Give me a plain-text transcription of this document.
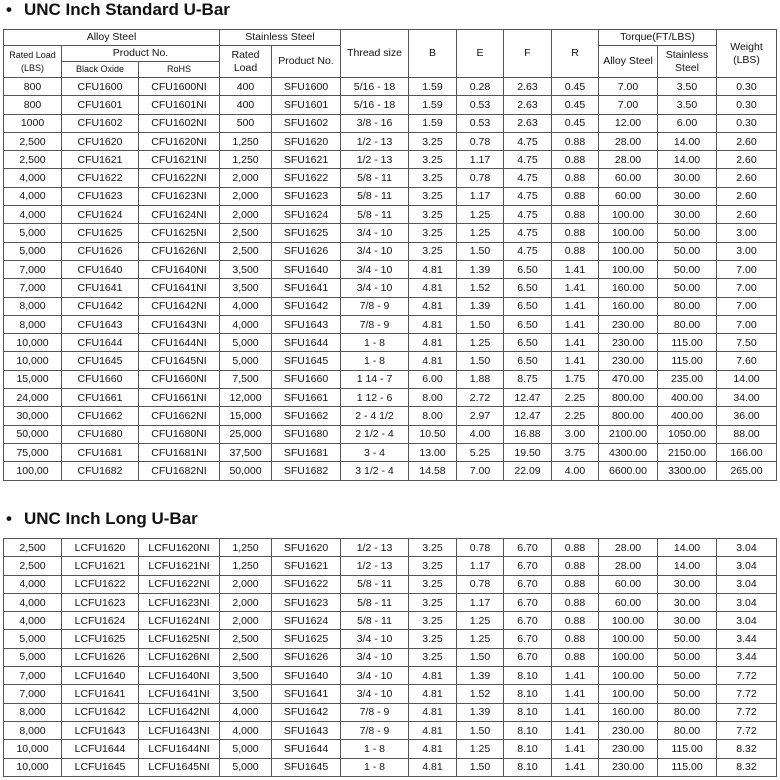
• UNC Inch Standard U-Bar
Alloy Steel			Stainless Steel		Thread size	B	E	F	R	Torque(FT/LBS)		Weight (LBS)
Rated Load (LBS)	Product No.		Rated Load	Product No.						Alloy Steel	Stainless Steel	
	Black Oxide	RoHS										
800	CFU1600	CFU1600NI	400	SFU1600	5/16 - 18	1.59	0.28	2.63	0.45	7.00	3.50	0.30
800	CFU1601	CFU1601NI	400	SFU1601	5/16 - 18	1.59	0.53	2.63	0.45	7.00	3.50	0.30
1000	CFU1602	CFU1602NI	500	SFU1602	3/8 - 16	1.59	0.53	2.63	0.45	12.00	6.00	0.30
2,500	CFU1620	CFU1620NI	1,250	SFU1620	1/2 - 13	3.25	0.78	4.75	0.88	28.00	14.00	2.60
2,500	CFU1621	CFU1621NI	1,250	SFU1621	1/2 - 13	3.25	1.17	4.75	0.88	28.00	14.00	2.60
4,000	CFU1622	CFU1622NI	2,000	SFU1622	5/8 - 11	3.25	0.78	4.75	0.88	60.00	30.00	2.60
4,000	CFU1623	CFU1623NI	2,000	SFU1623	5/8 - 11	3.25	1.17	4.75	0.88	60.00	30.00	2.60
4,000	CFU1624	CFU1624NI	2,000	SFU1624	5/8 - 11	3.25	1.25	4.75	0.88	100.00	30.00	2.60
5,000	CFU1625	CFU1625NI	2,500	SFU1625	3/4 - 10	3.25	1.25	4.75	0.88	100.00	50.00	3.00
5,000	CFU1626	CFU1626NI	2,500	SFU1626	3/4 - 10	3.25	1.50	4.75	0.88	100.00	50.00	3.00
7,000	CFU1640	CFU1640NI	3,500	SFU1640	3/4 - 10	4.81	1.39	6.50	1.41	100.00	50.00	7.00
7,000	CFU1641	CFU1641NI	3,500	SFU1641	3/4 - 10	4.81	1.52	6.50	1.41	160.00	50.00	7.00
8,000	CFU1642	CFU1642NI	4,000	SFU1642	7/8 - 9	4.81	1.39	6.50	1.41	160.00	80.00	7.00
8,000	CFU1643	CFU1643NI	4,000	SFU1643	7/8 - 9	4.81	1.50	6.50	1.41	230.00	80.00	7.00
10,000	CFU1644	CFU1644NI	5,000	SFU1644	1 - 8	4.81	1.25	6.50	1.41	230.00	115.00	7.50
10,000	CFU1645	CFU1645NI	5,000	SFU1645	1 - 8	4.81	1.50	6.50	1.41	230.00	115.00	7.60
15,000	CFU1660	CFU1660NI	7,500	SFU1660	1 14 - 7	6.00	1.88	8.75	1.75	470.00	235.00	14.00
24,000	CFU1661	CFU1661NI	12,000	SFU1661	1 12 - 6	8.00	2.72	12.47	2.25	800.00	400.00	34.00
30,000	CFU1662	CFU1662NI	15,000	SFU1662	2 - 4 1/2	8.00	2.97	12.47	2.25	800.00	400.00	36.00
50,000	CFU1680	CFU1680NI	25,000	SFU1680	2 1/2 - 4	10.50	4.00	16.88	3.00	2100.00	1050.00	88.00
75,000	CFU1681	CFU1681NI	37,500	SFU1681	3 - 4	13.00	5.25	19.50	3.75	4300.00	2150.00	166.00
100,00	CFU1682	CFU1682NI	50,000	SFU1682	3 1/2 - 4	14.58	7.00	22.09	4.00	6600.00	3300.00	265.00
• UNC Inch Long U-Bar
2,500	LCFU1620	LCFU1620NI	1,250	SFU1620	1/2 - 13	3.25	0.78	6.70	0.88	28.00	14.00	3.04
2,500	LCFU1621	LCFU1621NI	1,250	SFU1621	1/2 - 13	3.25	1.17	6.70	0.88	28.00	14.00	3.04
4,000	LCFU1622	LCFU1622NI	2,000	SFU1622	5/8 - 11	3.25	0.78	6.70	0.88	60.00	30.00	3.04
4,000	LCFU1623	LCFU1623NI	2,000	SFU1623	5/8 - 11	3.25	1.17	6.70	0.88	60.00	30.00	3.04
4,000	LCFU1624	LCFU1624NI	2,000	SFU1624	5/8 - 11	3.25	1.25	6.70	0.88	100.00	30.00	3.04
5,000	LCFU1625	LCFU1625NI	2,500	SFU1625	3/4 - 10	3.25	1.25	6.70	0.88	100.00	50.00	3.44
5,000	LCFU1626	LCFU1626NI	2,500	SFU1626	3/4 - 10	3.25	1.50	6.70	0.88	100.00	50.00	3.44
7,000	LCFU1640	LCFU1640NI	3,500	SFU1640	3/4 - 10	4.81	1.39	8.10	1.41	100.00	50.00	7.72
7,000	LCFU1641	LCFU1641NI	3,500	SFU1641	3/4 - 10	4.81	1.52	8.10	1.41	100.00	50.00	7.72
8,000	LCFU1642	LCFU1642NI	4,000	SFU1642	7/8 - 9	4.81	1.39	8.10	1.41	160.00	80.00	7.72
8,000	LCFU1643	LCFU1643NI	4,000	SFU1643	7/8 - 9	4.81	1.50	8.10	1.41	230.00	80.00	7.72
10,000	LCFU1644	LCFU1644NI	5,000	SFU1644	1 - 8	4.81	1.25	8.10	1.41	230.00	115.00	8.32
10,000	LCFU1645	LCFU1645NI	5,000	SFU1645	1 - 8	4.81	1.50	8.10	1.41	230.00	115.00	8.32
